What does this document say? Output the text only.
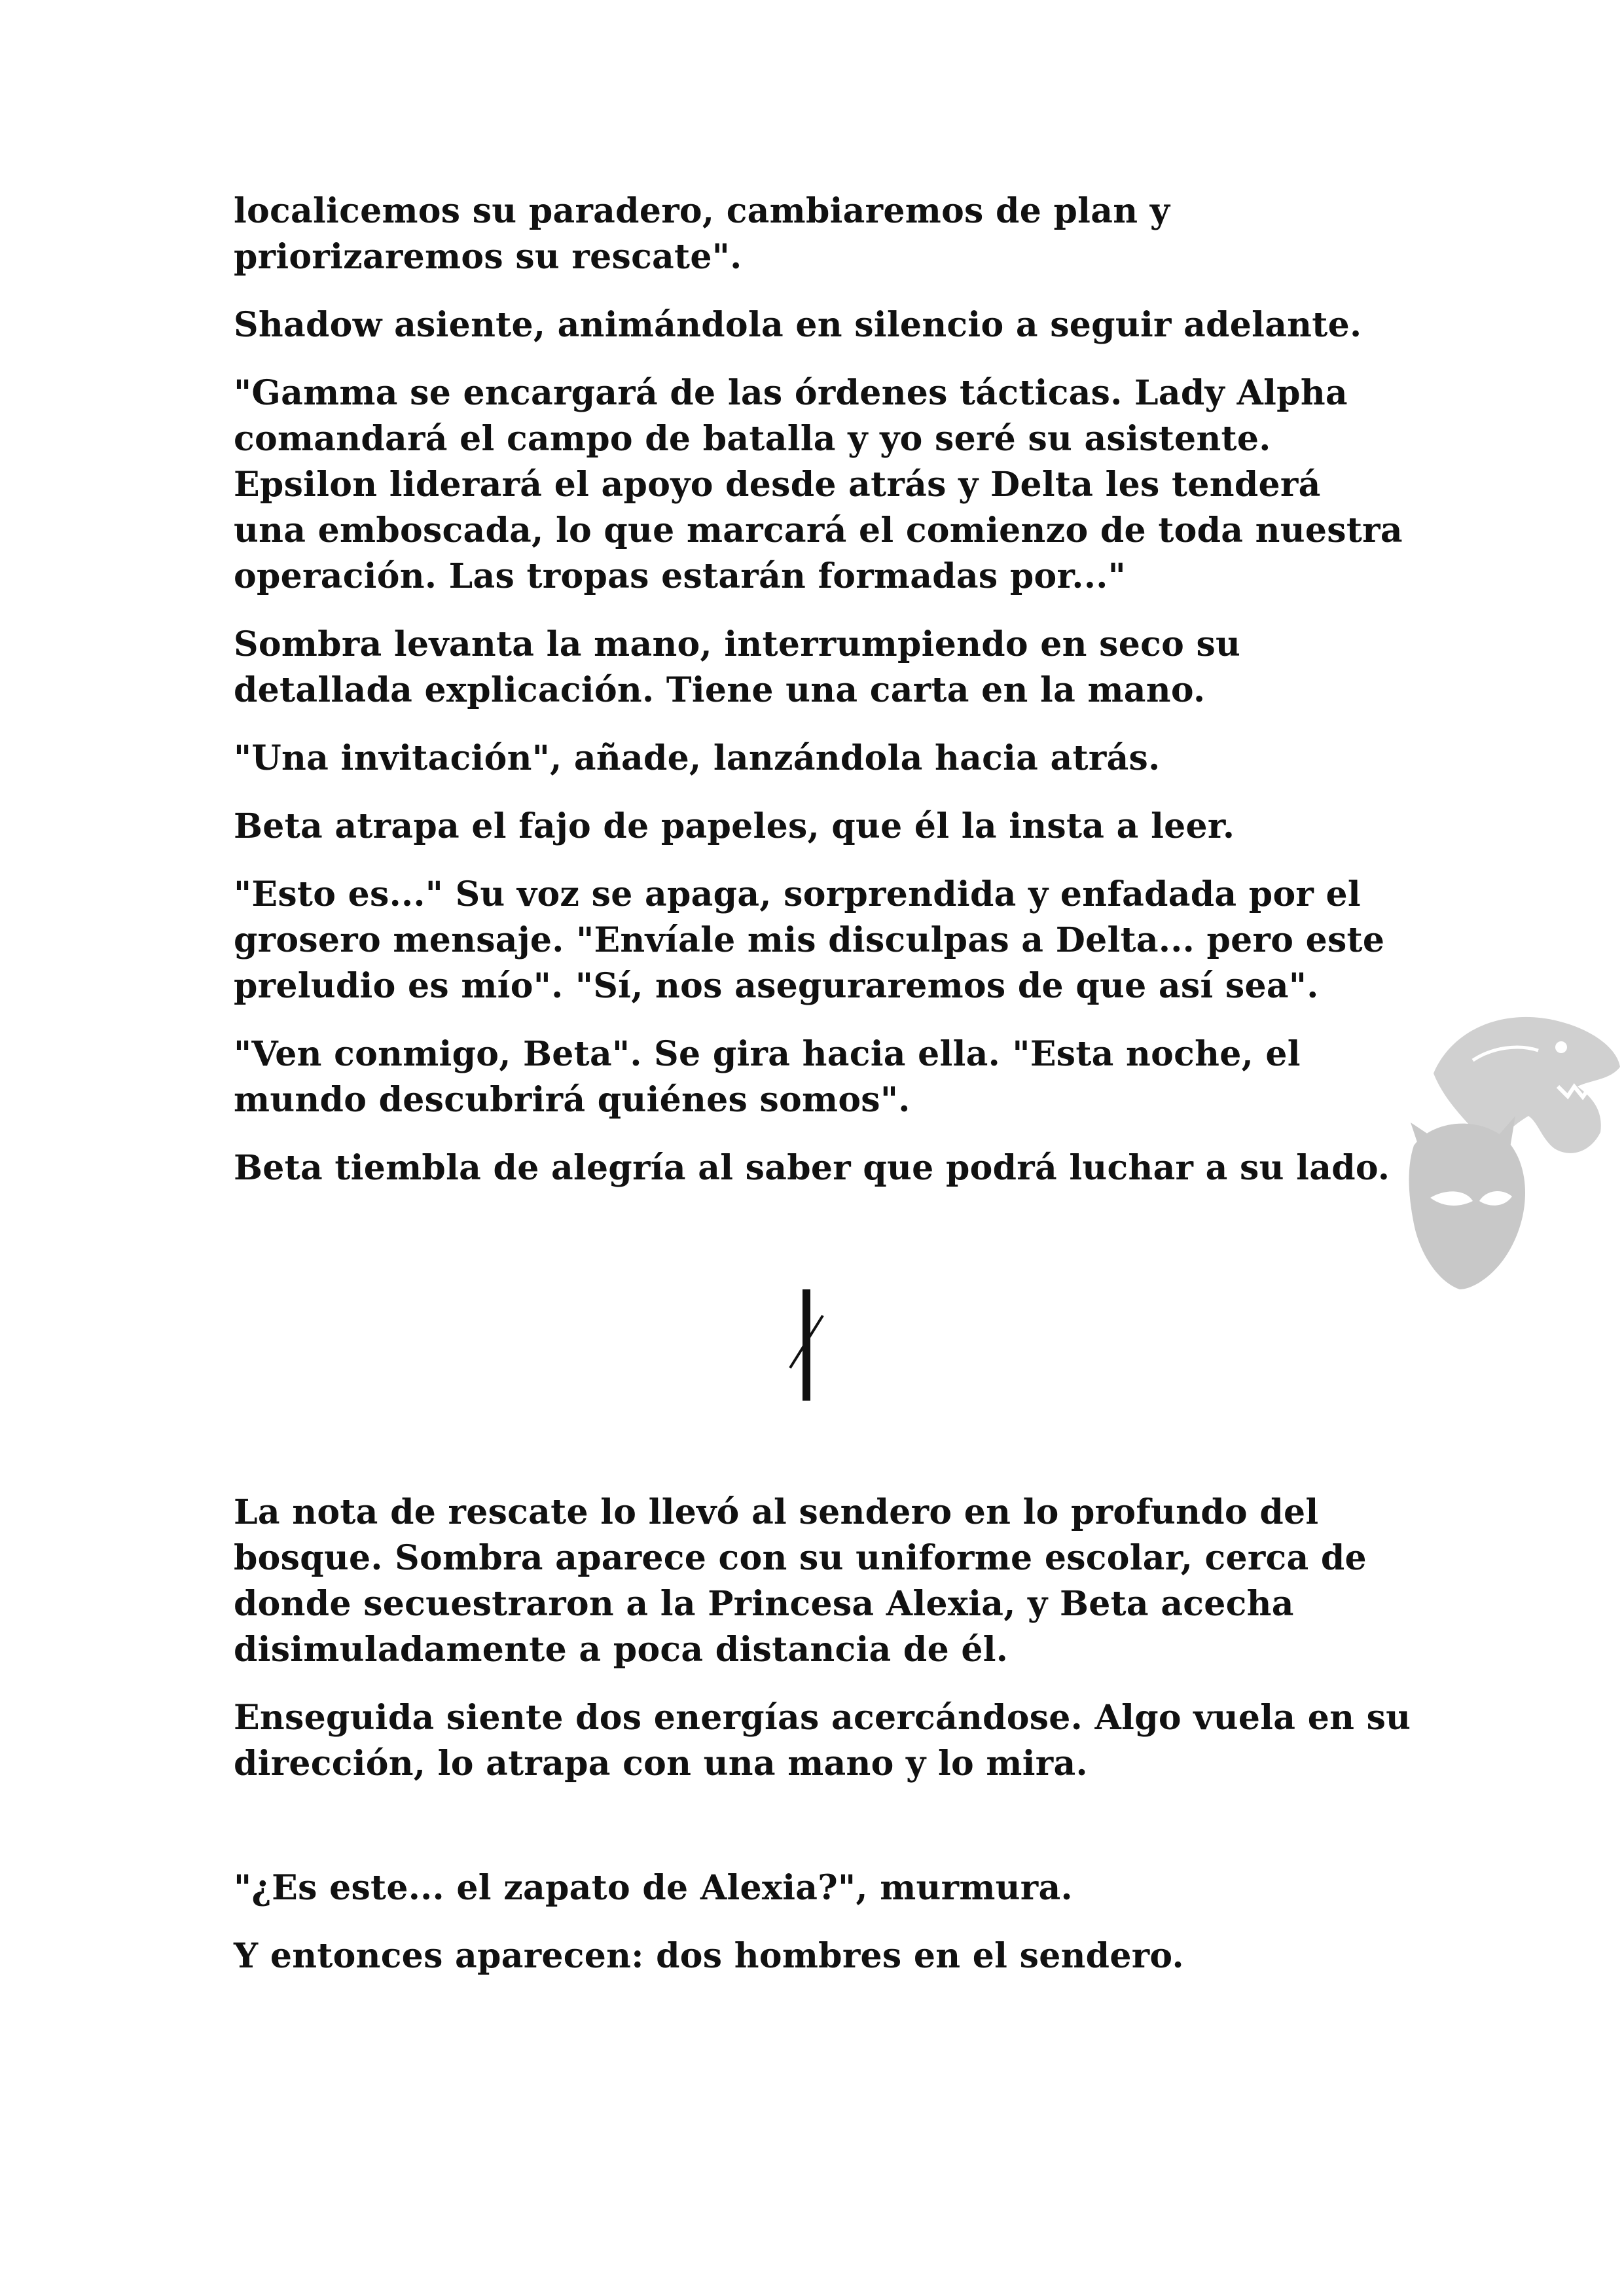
localicemos su paradero, cambiaremos de plan y
priorizaremos su rescate".

Shadow asiente, animándola en silencio a seguir adelante.

"Gamma se encargará de las órdenes tácticas. Lady Alpha
comandará el campo de batalla y yo seré su asistente.
Epsilon liderará el apoyo desde atrás y Delta les tenderá
una emboscada, lo que marcará el comienzo de toda nuestra
operación. Las tropas estarán formadas por..."

Sombra levanta la mano, interrumpiendo en seco su
detallada explicación. Tiene una carta en la mano.

"Una invitación", añade, lanzándola hacia atrás.

Beta atrapa el fajo de papeles, que él la insta a leer.

"Esto es..." Su voz se apaga, sorprendida y enfadada por el
grosero mensaje. "Envíale mis disculpas a Delta... pero este
preludio es mío". "Sí, nos aseguraremos de que así sea".

"Ven conmigo, Beta". Se gira hacia ella. "Esta noche, el
mundo descubrirá quiénes somos".

Beta tiembla de alegría al saber que podrá luchar a su lado.

La nota de rescate lo llevó al sendero en lo profundo del
bosque. Sombra aparece con su uniforme escolar, cerca de
donde secuestraron a la Princesa Alexia, y Beta acecha
disimuladamente a poca distancia de él.

Enseguida siente dos energías acercándose. Algo vuela en su
dirección, lo atrapa con una mano y lo mira.

"¿Es este... el zapato de Alexia?", murmura.

Y entonces aparecen: dos hombres en el sendero.
